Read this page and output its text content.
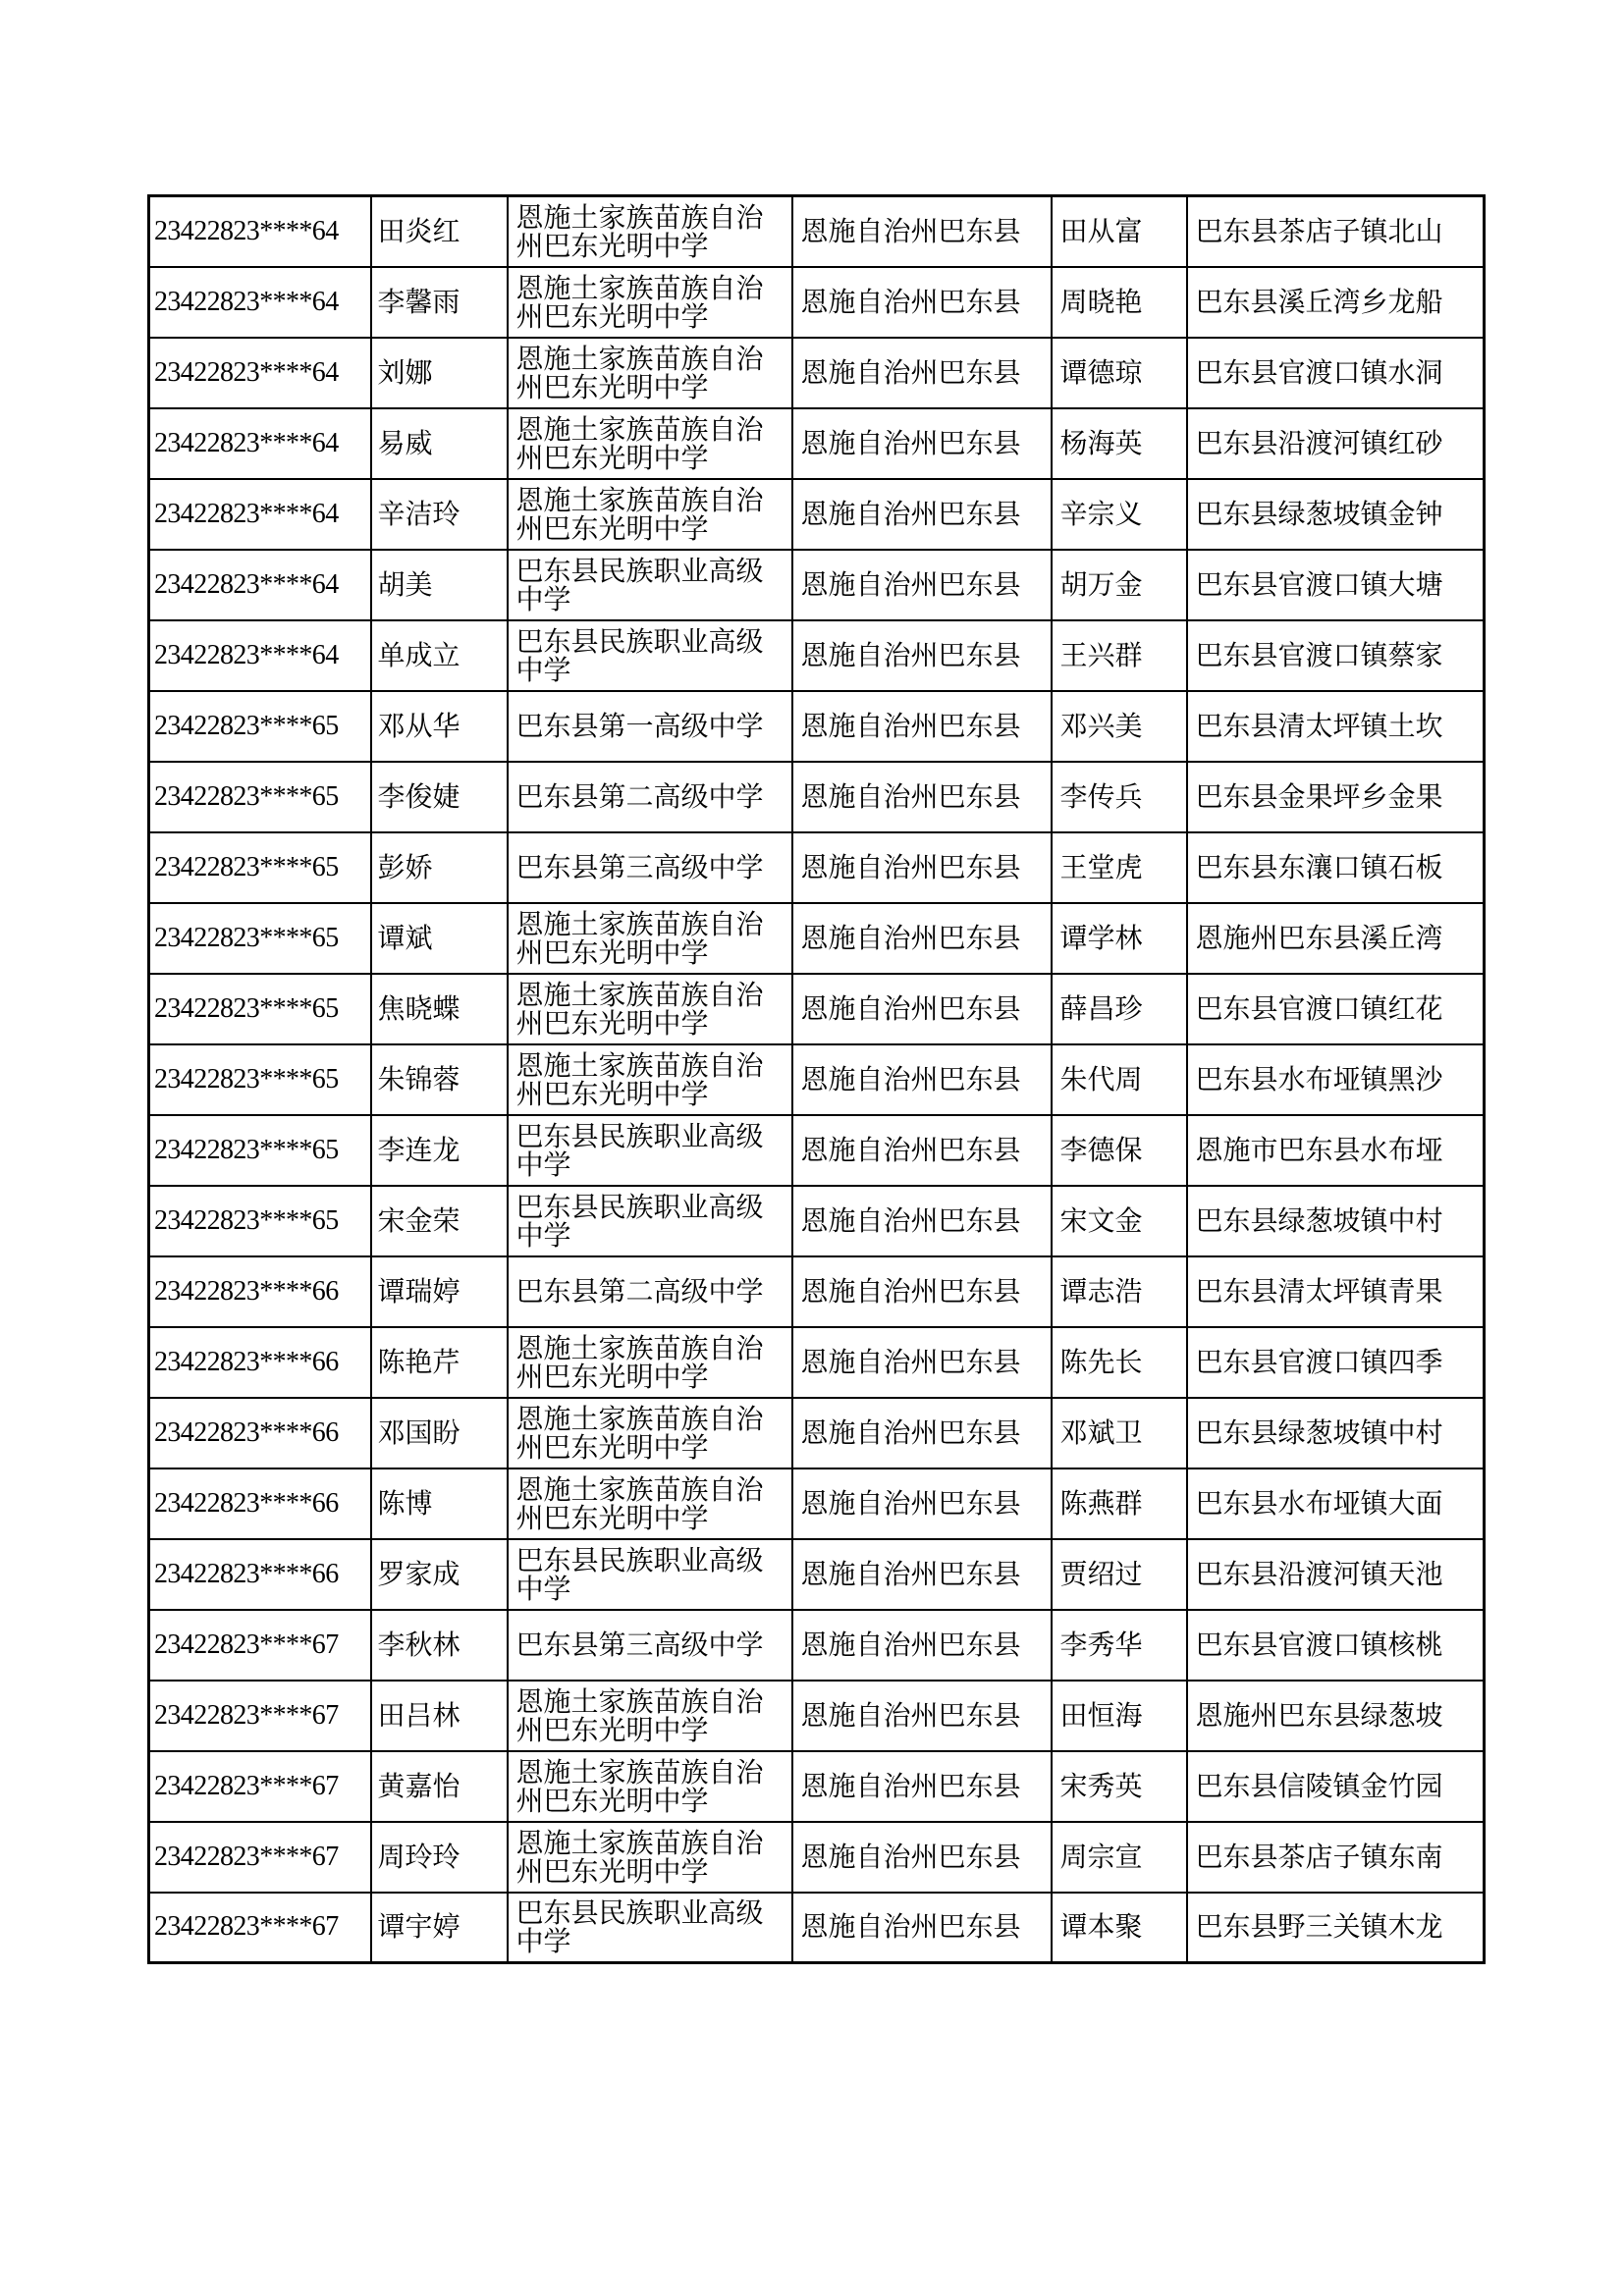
23422823****64	田炎红	恩施土家族苗族自治州巴东光明中学	恩施自治州巴东县	田从富	巴东县茶店子镇北山
23422823****64	李馨雨	恩施土家族苗族自治州巴东光明中学	恩施自治州巴东县	周晓艳	巴东县溪丘湾乡龙船
23422823****64	刘娜	恩施土家族苗族自治州巴东光明中学	恩施自治州巴东县	谭德琼	巴东县官渡口镇水洞
23422823****64	易威	恩施土家族苗族自治州巴东光明中学	恩施自治州巴东县	杨海英	巴东县沿渡河镇红砂
23422823****64	辛洁玲	恩施土家族苗族自治州巴东光明中学	恩施自治州巴东县	辛宗义	巴东县绿葱坡镇金钟
23422823****64	胡美	巴东县民族职业高级中学	恩施自治州巴东县	胡万金	巴东县官渡口镇大塘
23422823****64	单成立	巴东县民族职业高级中学	恩施自治州巴东县	王兴群	巴东县官渡口镇蔡家
23422823****65	邓从华	巴东县第一高级中学	恩施自治州巴东县	邓兴美	巴东县清太坪镇土坎
23422823****65	李俊婕	巴东县第二高级中学	恩施自治州巴东县	李传兵	巴东县金果坪乡金果
23422823****65	彭娇	巴东县第三高级中学	恩施自治州巴东县	王堂虎	巴东县东瀼口镇石板
23422823****65	谭斌	恩施土家族苗族自治州巴东光明中学	恩施自治州巴东县	谭学林	恩施州巴东县溪丘湾
23422823****65	焦晓蝶	恩施土家族苗族自治州巴东光明中学	恩施自治州巴东县	薛昌珍	巴东县官渡口镇红花
23422823****65	朱锦蓉	恩施土家族苗族自治州巴东光明中学	恩施自治州巴东县	朱代周	巴东县水布垭镇黑沙
23422823****65	李连龙	巴东县民族职业高级中学	恩施自治州巴东县	李德保	恩施市巴东县水布垭
23422823****65	宋金荣	巴东县民族职业高级中学	恩施自治州巴东县	宋文金	巴东县绿葱坡镇中村
23422823****66	谭瑞婷	巴东县第二高级中学	恩施自治州巴东县	谭志浩	巴东县清太坪镇青果
23422823****66	陈艳芹	恩施土家族苗族自治州巴东光明中学	恩施自治州巴东县	陈先长	巴东县官渡口镇四季
23422823****66	邓国盼	恩施土家族苗族自治州巴东光明中学	恩施自治州巴东县	邓斌卫	巴东县绿葱坡镇中村
23422823****66	陈博	恩施土家族苗族自治州巴东光明中学	恩施自治州巴东县	陈燕群	巴东县水布垭镇大面
23422823****66	罗家成	巴东县民族职业高级中学	恩施自治州巴东县	贾绍过	巴东县沿渡河镇天池
23422823****67	李秋林	巴东县第三高级中学	恩施自治州巴东县	李秀华	巴东县官渡口镇核桃
23422823****67	田吕林	恩施土家族苗族自治州巴东光明中学	恩施自治州巴东县	田恒海	恩施州巴东县绿葱坡
23422823****67	黄嘉怡	恩施土家族苗族自治州巴东光明中学	恩施自治州巴东县	宋秀英	巴东县信陵镇金竹园
23422823****67	周玲玲	恩施土家族苗族自治州巴东光明中学	恩施自治州巴东县	周宗宣	巴东县茶店子镇东南
23422823****67	谭宇婷	巴东县民族职业高级中学	恩施自治州巴东县	谭本聚	巴东县野三关镇木龙
